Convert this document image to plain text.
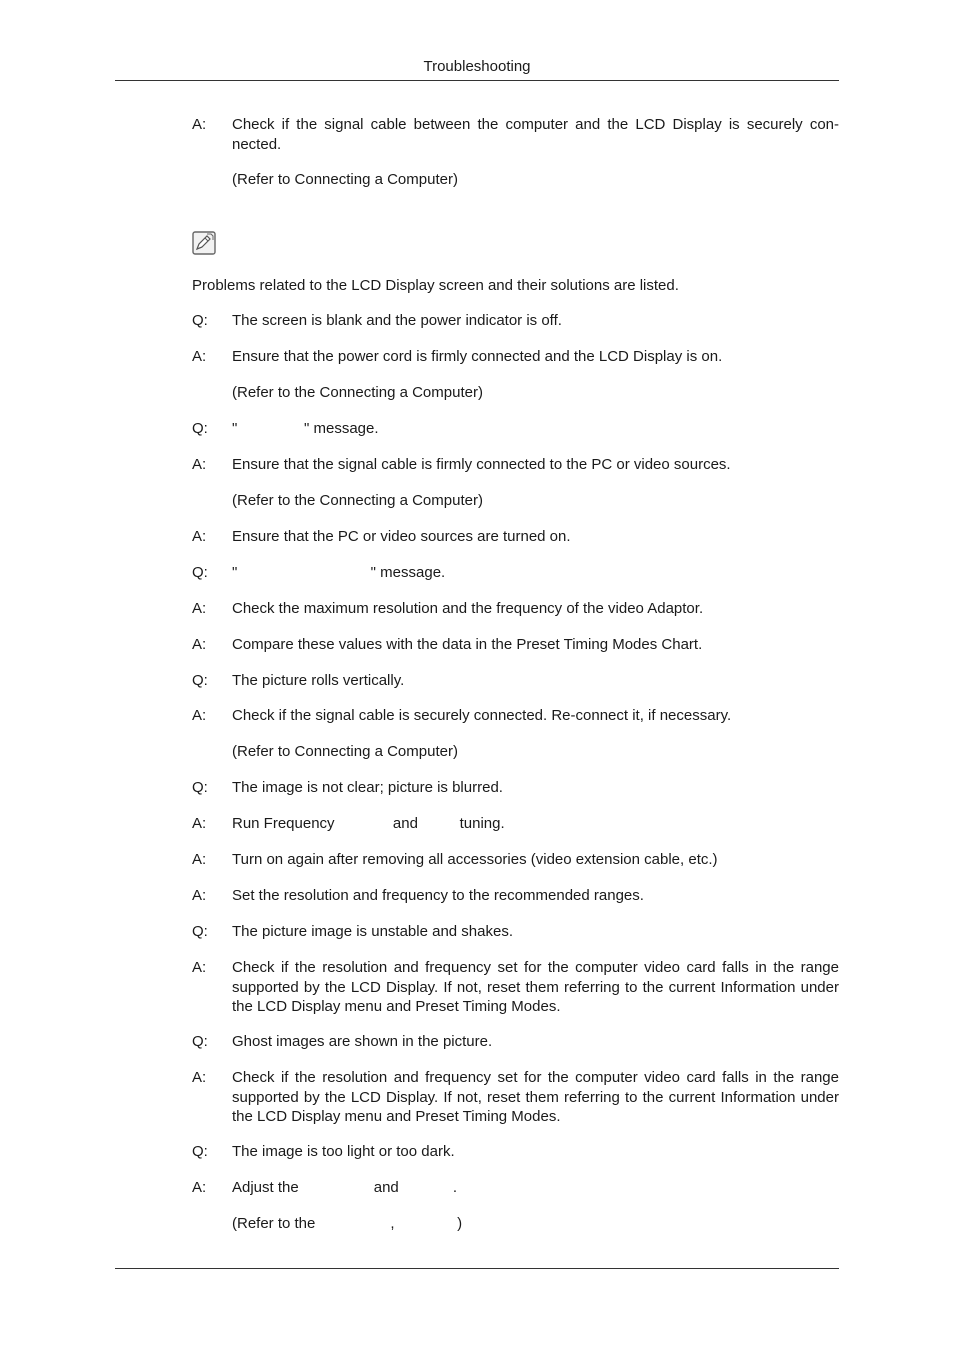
Troubleshooting
A:	Check if the signal cable between the computer and the LCD Display is securely con-nected.
(Refer to Connecting a Computer)
Problems related to the LCD Display screen and their solutions are listed.
Q:	The screen is blank and the power indicator is off.
A:	Ensure that the power cord is firmly connected and the LCD Display is on.
(Refer to the Connecting a Computer)
Q:	"                " message.
A:	Ensure that the signal cable is firmly connected to the PC or video sources.
(Refer to the Connecting a Computer)
A:	Ensure that the PC or video sources are turned on.
Q:	"                                " message.
A:	Check the maximum resolution and the frequency of the video Adaptor.
A:	Compare these values with the data in the Preset Timing Modes Chart.
Q:	The picture rolls vertically.
A:	Check if the signal cable is securely connected. Re-connect it, if necessary.
(Refer to Connecting a Computer)
Q:	The image is not clear; picture is blurred.
A:	Run Frequency              and          tuning.
A:	Turn on again after removing all accessories (video extension cable, etc.)
A:	Set the resolution and frequency to the recommended ranges.
Q:	The picture image is unstable and shakes.
A:	Check if the resolution and frequency set for the computer video card falls in the range supported by the LCD Display. If not, reset them referring to the current Information under the LCD Display menu and Preset Timing Modes.
Q:	Ghost images are shown in the picture.
A:	Check if the resolution and frequency set for the computer video card falls in the range supported by the LCD Display. If not, reset them referring to the current Information under the LCD Display menu and Preset Timing Modes.
Q:	The image is too light or too dark.
A:	Adjust the                  and             .
(Refer to the                  ,               )
